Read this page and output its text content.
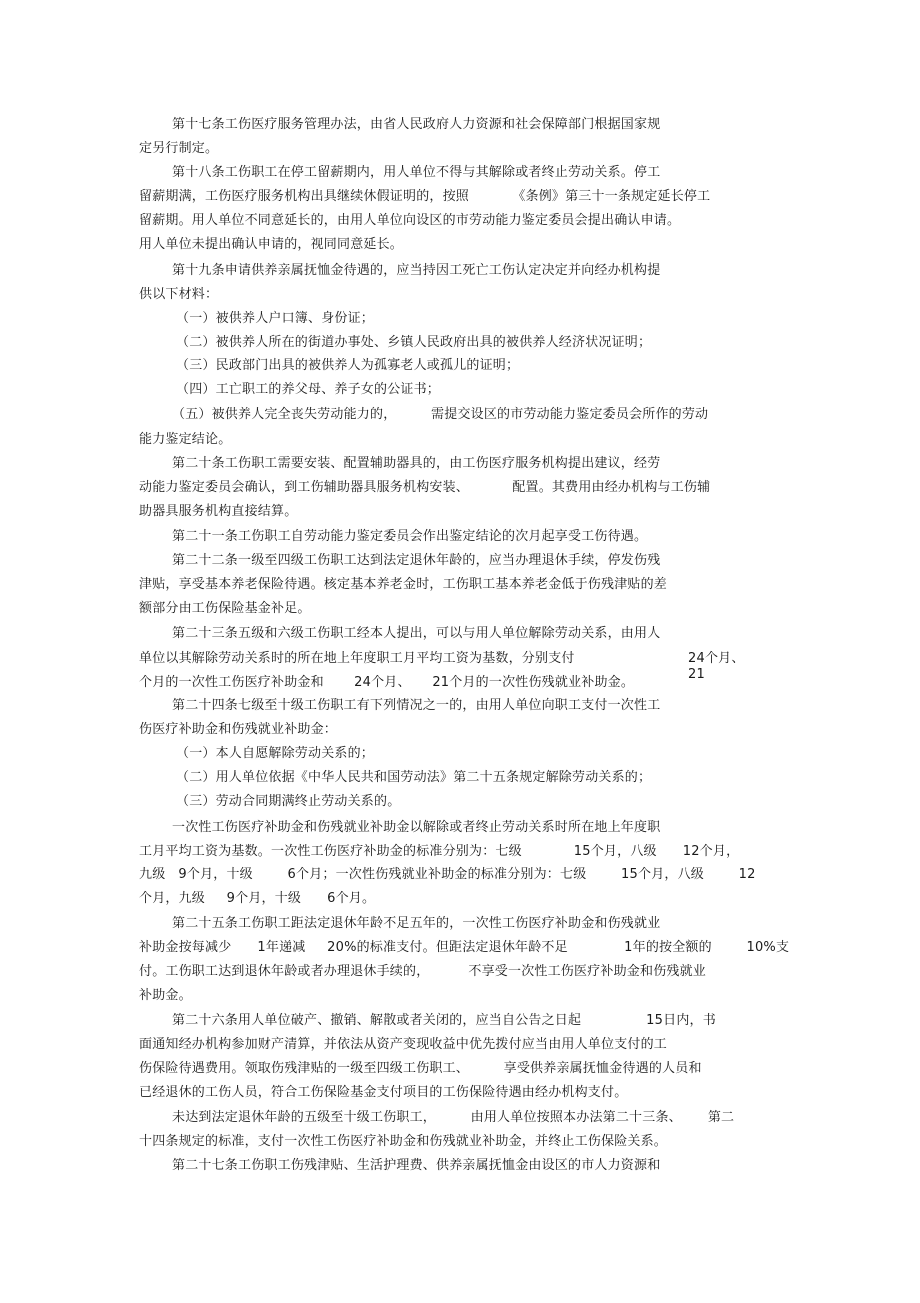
第十七条工伤医疗服务管理办法，由省人民政府人力资源和社会保障部门根据国家规
定另行制定。
第十八条工伤职工在停工留薪期内，用人单位不得与其解除或者终止劳动关系。停工
留薪期满，工伤医疗服务机构出具继续休假证明的，按照          《条例》第三十一条规定延长停工
留薪期。用人单位不同意延长的，由用人单位向设区的市劳动能力鉴定委员会提出确认申请。
用人单位未提出确认申请的，视同同意延长。
第十九条申请供养亲属抚恤金待遇的，应当持因工死亡工伤认定决定并向经办机构提
供以下材料：
（一）被供养人户口簿、身份证；
（二）被供养人所在的街道办事处、乡镇人民政府出具的被供养人经济状况证明；
（三）民政部门出具的被供养人为孤寡老人或孤儿的证明；
（四）工亡职工的养父母、养子女的公证书；
（五）被供养人完全丧失劳动能力的，        需提交设区的市劳动能力鉴定委员会所作的劳动
能力鉴定结论。
第二十条工伤职工需要安装、配置辅助器具的，由工伤医疗服务机构提出建议，经劳
动能力鉴定委员会确认，到工伤辅助器具服务机构安装、          配置。其费用由经办机构与工伤辅
助器具服务机构直接结算。
第二十一条工伤职工自劳动能力鉴定委员会作出鉴定结论的次月起享受工伤待遇。
第二十二条一级至四级工伤职工达到法定退休年龄的，应当办理退休手续，停发伤残
津贴，享受基本养老保险待遇。核定基本养老金时，工伤职工基本养老金低于伤残津贴的差
额部分由工伤保险基金补足。
第二十三条五级和六级工伤职工经本人提出，可以与用人单位解除劳动关系，由用人
单位以其解除劳动关系时的所在地上年度职工月平均工资为基数，分别支付	24个月、
21
个月的一次性工伤医疗补助金和       24个月、     21个月的一次性伤残就业补助金。
第二十四条七级至十级工伤职工有下列情况之一的，由用人单位向职工支付一次性工
伤医疗补助金和伤残就业补助金：
（一）本人自愿解除劳动关系的；
（二）用人单位依据《中华人民共和国劳动法》第二十五条规定解除劳动关系的；
（三）劳动合同期满终止劳动关系的。
一次性工伤医疗补助金和伤残就业补助金以解除或者终止劳动关系时所在地上年度职
工月平均工资为基数。一次性工伤医疗补助金的标准分别为：七级            15个月，八级      12个月，
九级   9个月，十级        6个月；一次性伤残就业补助金的标准分别为：七级        15个月，八级        12
个月，九级     9个月，十级      6个月。
第二十五条工伤职工距法定退休年龄不足五年的，一次性工伤医疗补助金和伤残就业
补助金按每减少      1年递减     20%的标准支付。但距法定退休年龄不足             1年的按全额的        10%支
付。工伤职工达到退休年龄或者办理退休手续的，         不享受一次性工伤医疗补助金和伤残就业
补助金。
第二十六条用人单位破产、撤销、解散或者关闭的，应当自公告之日起               15日内，书
面通知经办机构参加财产清算，并依法从资产变现收益中优先拨付应当由用人单位支付的工
伤保险待遇费用。领取伤残津贴的一级至四级工伤职工、        享受供养亲属抚恤金待遇的人员和
已经退休的工伤人员，符合工伤保险基金支付项目的工伤保险待遇由经办机构支付。
未达到法定退休年龄的五级至十级工伤职工，        由用人单位按照本办法第二十三条、      第二
十四条规定的标准，支付一次性工伤医疗补助金和伤残就业补助金，并终止工伤保险关系。
第二十七条工伤职工伤残津贴、生活护理费、供养亲属抚恤金由设区的市人力资源和
